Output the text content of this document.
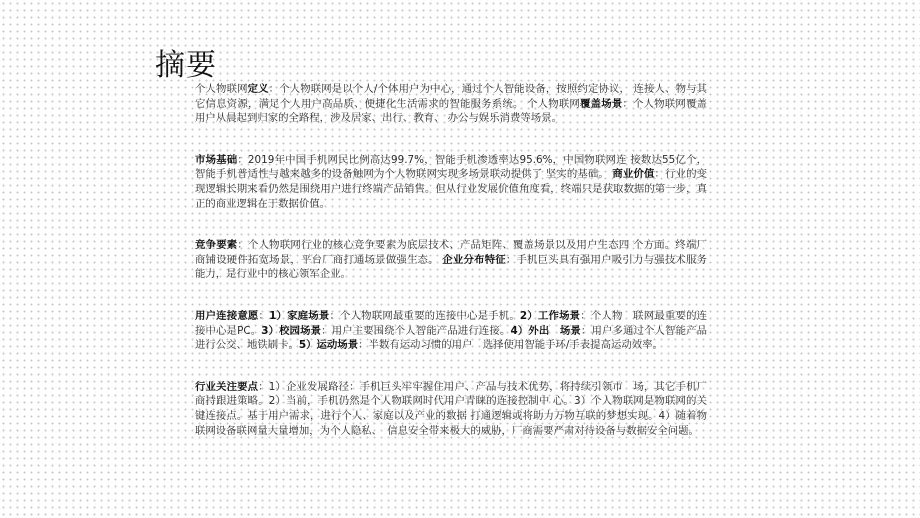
摘要

个人物联网定义：个人物联网是以个人/个体用户为中心，通过个人智能设备，按照约定协议， 连接人、物与其它信息资源，满足个人用户高品质、便捷化生活需求的智能服务系统。 个人物联网覆盖场景：个人物联网覆盖用户从晨起到归家的全路程，涉及居家、出行、教育、 办公与娱乐消费等场景。

市场基础：2019年中国手机网民比例高达99.7%，智能手机渗透率达95.6%，中国物联网连 接数达55亿个，智能手机普适性与越来越多的设备触网为个人物联网实现多场景联动提供了 坚实的基础。 商业价值：行业的变现逻辑长期来看仍然是围绕用户进行终端产品销售。但从行业发展价值角度看，终端只是获取数据的第一步，真正的商业逻辑在于数据价值。

竞争要素：个人物联网行业的核心竞争要素为底层技术、产品矩阵、覆盖场景以及用户生态四 个方面。终端厂商铺设硬件拓宽场景，平台厂商打通场景做强生态。 企业分布特征：手机巨头具有强用户吸引力与强技术服务能力，是行业中的核心领军企业。

用户连接意愿：1）家庭场景：个人物联网最重要的连接中心是手机。2）工作场景：个人物　联网最重要的连接中心是PC。3）校园场景：用户主要围绕个人智能产品进行连接。4）外出　场景：用户多通过个人智能产品进行公交、地铁刷卡。5）运动场景：半数有运动习惯的用户　选择使用智能手环/手表提高运动效率。

行业关注要点：1）企业发展路径：手机巨头牢牢握住用户、产品与技术优势，将持续引领市　场，其它手机厂商持跟进策略。2）当前，手机仍然是个人物联网时代用户青睐的连接控制中 心。3）个人物联网是物联网的关键连接点。基于用户需求，进行个人、家庭以及产业的数据 打通逻辑或将助力万物互联的梦想实现。4）随着物联网设备联网量大量增加，为个人隐私、　信息安全带来极大的威胁，厂商需要严肃对待设备与数据安全问题。
